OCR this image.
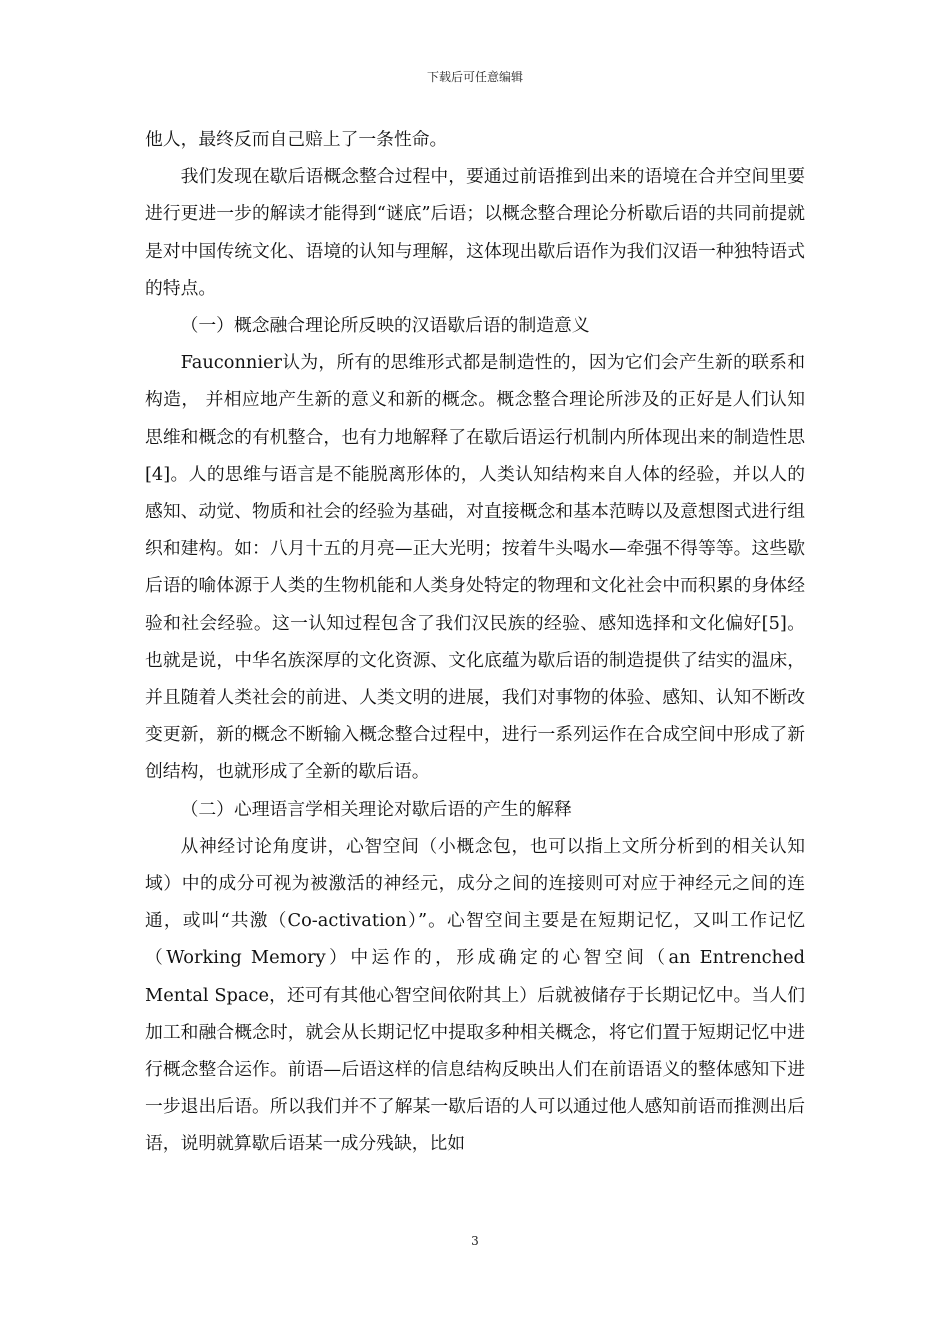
下载后可任意编辑

他人，最终反而自己赔上了一条性命。

我们发现在歇后语概念整合过程中，要通过前语推到出来的语境在合并空间里要进行更进一步的解读才能得到“谜底”后语；以概念整合理论分析歇后语的共同前提就是对中国传统文化、语境的认知与理解，这体现出歇后语作为我们汉语一种独特语式的特点。

（一）概念融合理论所反映的汉语歇后语的制造意义

Fauconnier认为，所有的思维形式都是制造性的，因为它们会产生新的联系和构造， 并相应地产生新的意义和新的概念。概念整合理论所涉及的正好是人们认知思维和概念的有机整合，也有力地解释了在歇后语运行机制内所体现出来的制造性思[4]。人的思维与语言是不能脱离形体的，人类认知结构来自人体的经验，并以人的感知、动觉、物质和社会的经验为基础，对直接概念和基本范畴以及意想图式进行组织和建构。如：八月十五的月亮—正大光明；按着牛头喝水—牵强不得等等。这些歇后语的喻体源于人类的生物机能和人类身处特定的物理和文化社会中而积累的身体经验和社会经验。这一认知过程包含了我们汉民族的经验、感知选择和文化偏好[5]。也就是说，中华名族深厚的文化资源、文化底蕴为歇后语的制造提供了结实的温床，并且随着人类社会的前进、人类文明的进展，我们对事物的体验、感知、认知不断改变更新，新的概念不断输入概念整合过程中，进行一系列运作在合成空间中形成了新创结构，也就形成了全新的歇后语。

（二）心理语言学相关理论对歇后语的产生的解释

从神经讨论角度讲，心智空间（小概念包，也可以指上文所分析到的相关认知域）中的成分可视为被激活的神经元，成分之间的连接则可对应于神经元之间的连通，或叫“共激（Co-activation）”。心智空间主要是在短期记忆，又叫工作记忆（Working Memory）中运作的，形成确定的心智空间（an Entrenched Mental Space，还可有其他心智空间依附其上）后就被储存于长期记忆中。当人们加工和融合概念时，就会从长期记忆中提取多种相关概念，将它们置于短期记忆中进行概念整合运作。前语—后语这样的信息结构反映出人们在前语语义的整体感知下进一步退出后语。所以我们并不了解某一歇后语的人可以通过他人感知前语而推测出后语，说明就算歇后语某一成分残缺，比如

3
